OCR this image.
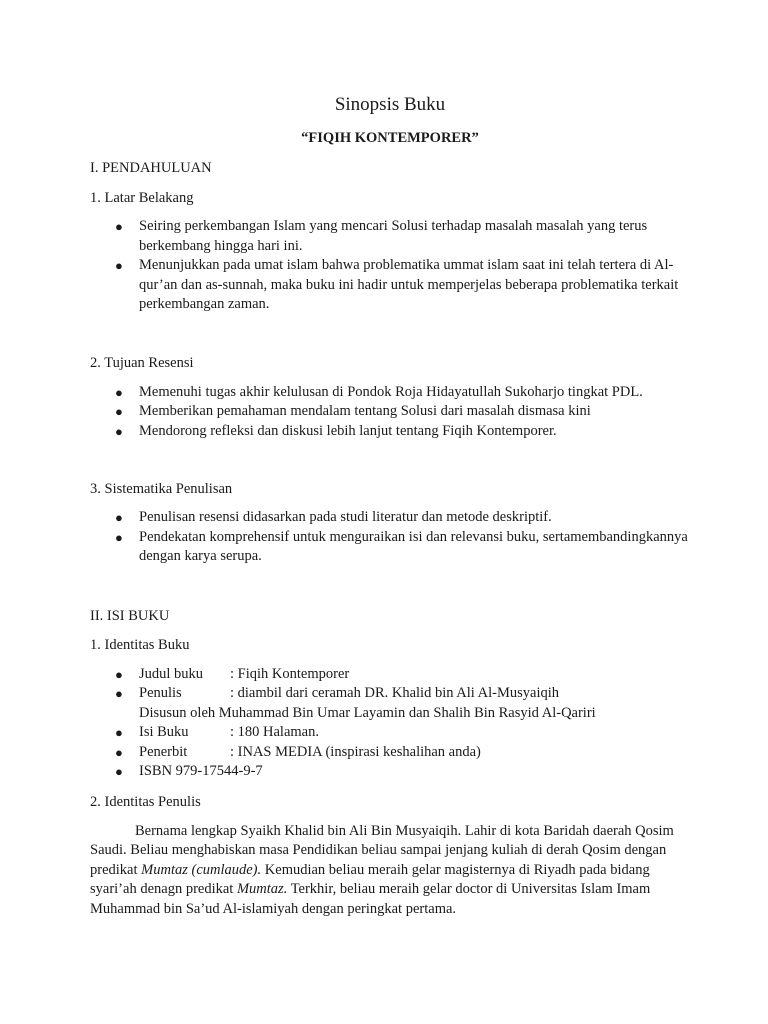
Sinopsis Buku

“FIQIH KONTEMPORER”

I. PENDAHULUAN

1. Latar Belakang

● Seiring perkembangan Islam yang mencari Solusi terhadap masalah masalah yang terus berkembang hingga hari ini.
● Menunjukkan pada umat islam bahwa problematika ummat islam saat ini telah tertera di Al-qur’an dan as-sunnah, maka buku ini hadir untuk memperjelas beberapa problematika terkait perkembangan zaman.

2. Tujuan Resensi

● Memenuhi tugas akhir kelulusan di Pondok Roja Hidayatullah Sukoharjo tingkat PDL.
● Memberikan pemahaman mendalam tentang Solusi dari masalah dismasa kini
● Mendorong refleksi dan diskusi lebih lanjut tentang Fiqih Kontemporer.

3. Sistematika Penulisan

● Penulisan resensi didasarkan pada studi literatur dan metode deskriptif.
● Pendekatan komprehensif untuk menguraikan isi dan relevansi buku, sertamembandingkannya dengan karya serupa.

II. ISI BUKU

1. Identitas Buku

● Judul buku : Fiqih Kontemporer
● Penulis	: diambil dari ceramah DR. Khalid bin Ali Al-Musyaiqih
Disusun oleh Muhammad Bin Umar Layamin dan Shalih Bin Rasyid Al-Qariri
● Isi Buku	: 180 Halaman.
● Penerbit	: INAS MEDIA (inspirasi keshalihan anda)
● ISBN 979-17544-9-7

2. Identitas Penulis

Bernama lengkap Syaikh Khalid bin Ali Bin Musyaiqih. Lahir di kota Baridah daerah Qosim Saudi. Beliau menghabiskan masa Pendidikan beliau sampai jenjang kuliah di derah Qosim dengan predikat Mumtaz (cumlaude). Kemudian beliau meraih gelar magisternya di Riyadh pada bidang syari’ah denagn predikat Mumtaz. Terkhir, beliau meraih gelar doctor di Universitas Islam Imam Muhammad bin Sa’ud Al-islamiyah dengan peringkat pertama.
